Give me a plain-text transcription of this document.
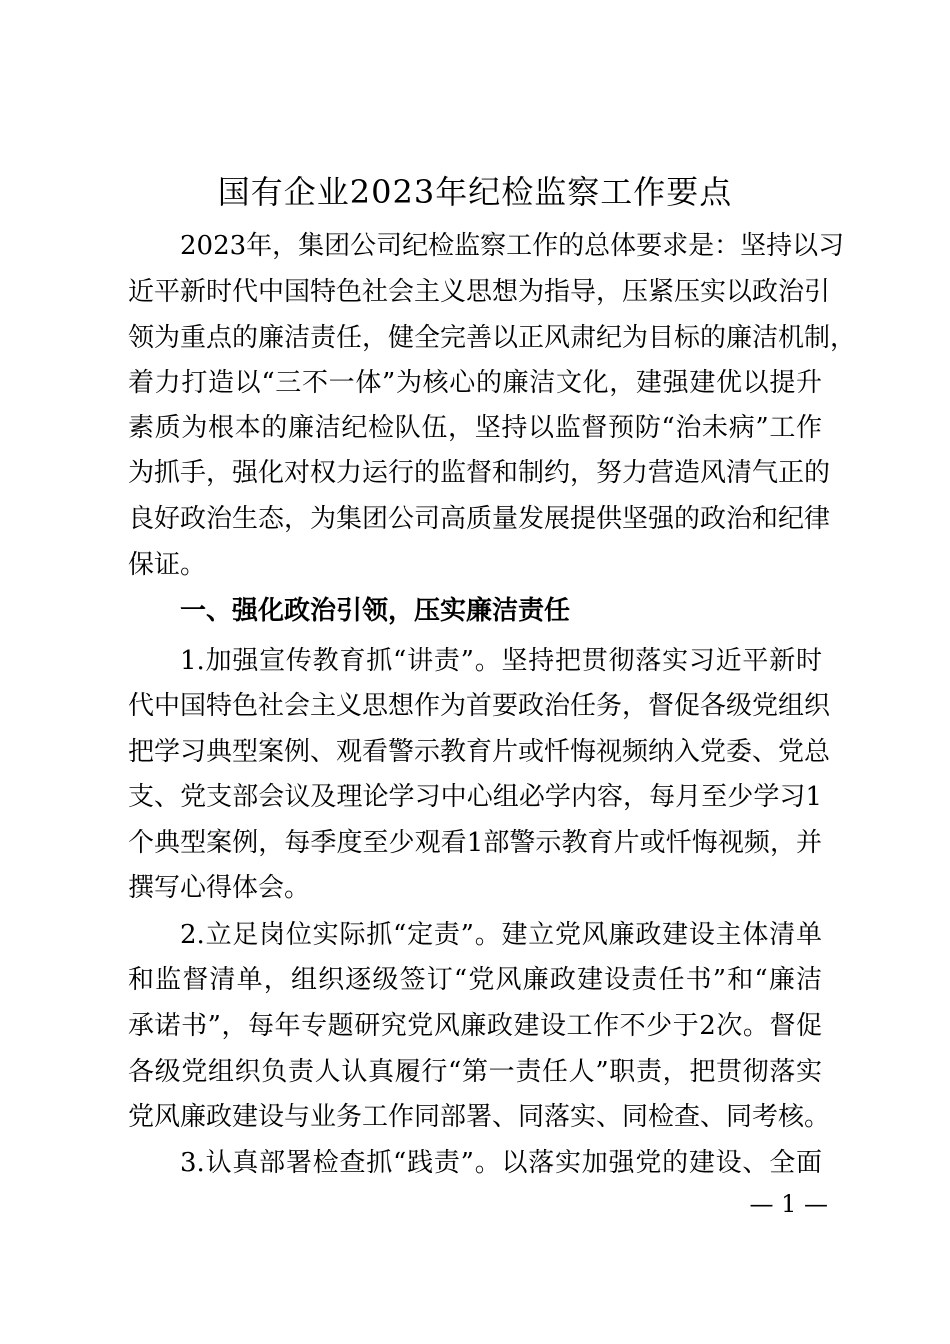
国有企业2023年纪检监察工作要点
2023年，集团公司纪检监察工作的总体要求是：坚持以习
近平新时代中国特色社会主义思想为指导，压紧压实以政治引
领为重点的廉洁责任，健全完善以正风肃纪为目标的廉洁机制，
着力打造以“三不一体”为核心的廉洁文化，建强建优以提升
素质为根本的廉洁纪检队伍，坚持以监督预防“治未病”工作
为抓手，强化对权力运行的监督和制约，努力营造风清气正的
良好政治生态，为集团公司高质量发展提供坚强的政治和纪律
保证。
一、强化政治引领，压实廉洁责任
1.加强宣传教育抓“讲责”。坚持把贯彻落实习近平新时
代中国特色社会主义思想作为首要政治任务，督促各级党组织
把学习典型案例、观看警示教育片或忏悔视频纳入党委、党总
支、党支部会议及理论学习中心组必学内容，每月至少学习1
个典型案例，每季度至少观看1部警示教育片或忏悔视频，并
撰写心得体会。
2.立足岗位实际抓“定责”。建立党风廉政建设主体清单
和监督清单，组织逐级签订“党风廉政建设责任书”和“廉洁
承诺书”，每年专题研究党风廉政建设工作不少于2次。督促
各级党组织负责人认真履行“第一责任人”职责，把贯彻落实
党风廉政建设与业务工作同部署、同落实、同检查、同考核。
3.认真部署检查抓“践责”。以落实加强党的建设、全面
— 1 —
